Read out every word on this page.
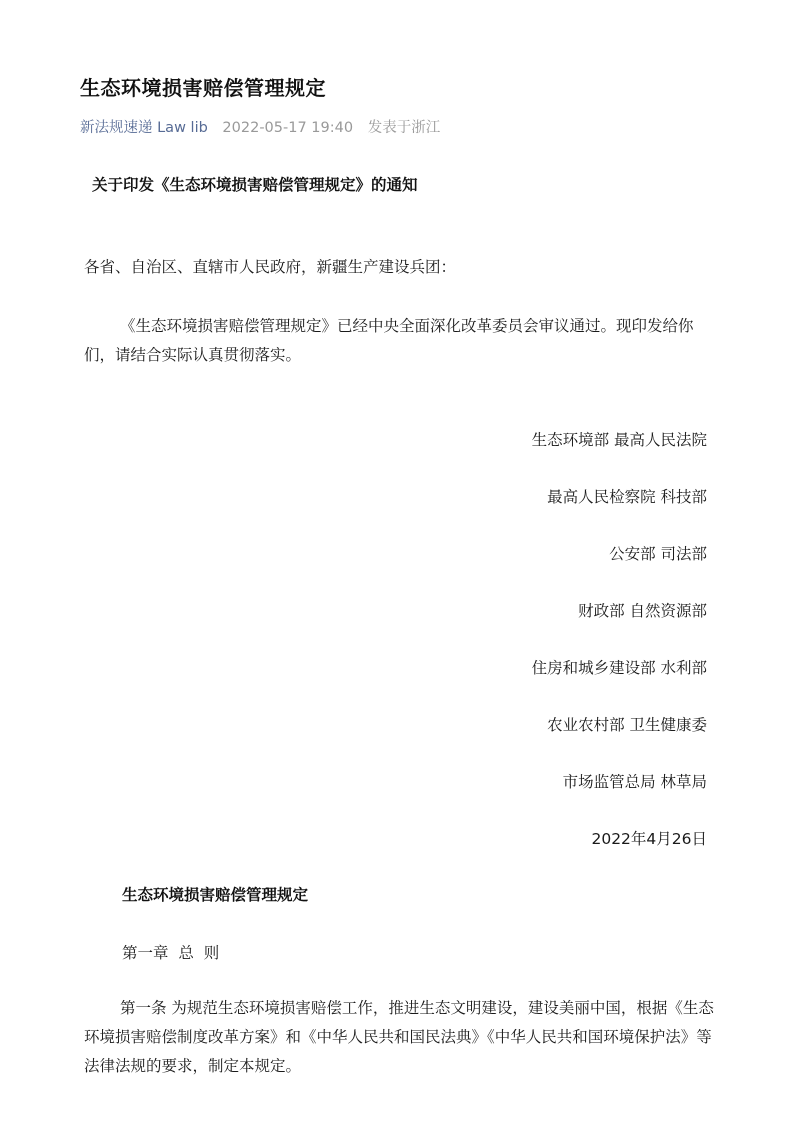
生态环境损害赔偿管理规定
新法规速递 Law lib 2022-05-17 19:40 发表于浙江
关于印发《生态环境损害赔偿管理规定》的通知
各省、自治区、直辖市人民政府，新疆生产建设兵团：
《生态环境损害赔偿管理规定》已经中央全面深化改革委员会审议通过。现印发给你们，请结合实际认真贯彻落实。
生态环境部 最高人民法院
最高人民检察院 科技部
公安部 司法部
财政部 自然资源部
住房和城乡建设部 水利部
农业农村部 卫生健康委
市场监管总局 林草局
2022年4月26日
生态环境损害赔偿管理规定
第一章  总  则
第一条 为规范生态环境损害赔偿工作，推进生态文明建设，建设美丽中国，根据《生态环境损害赔偿制度改革方案》和《中华人民共和国民法典》《中华人民共和国环境保护法》等法律法规的要求，制定本规定。
